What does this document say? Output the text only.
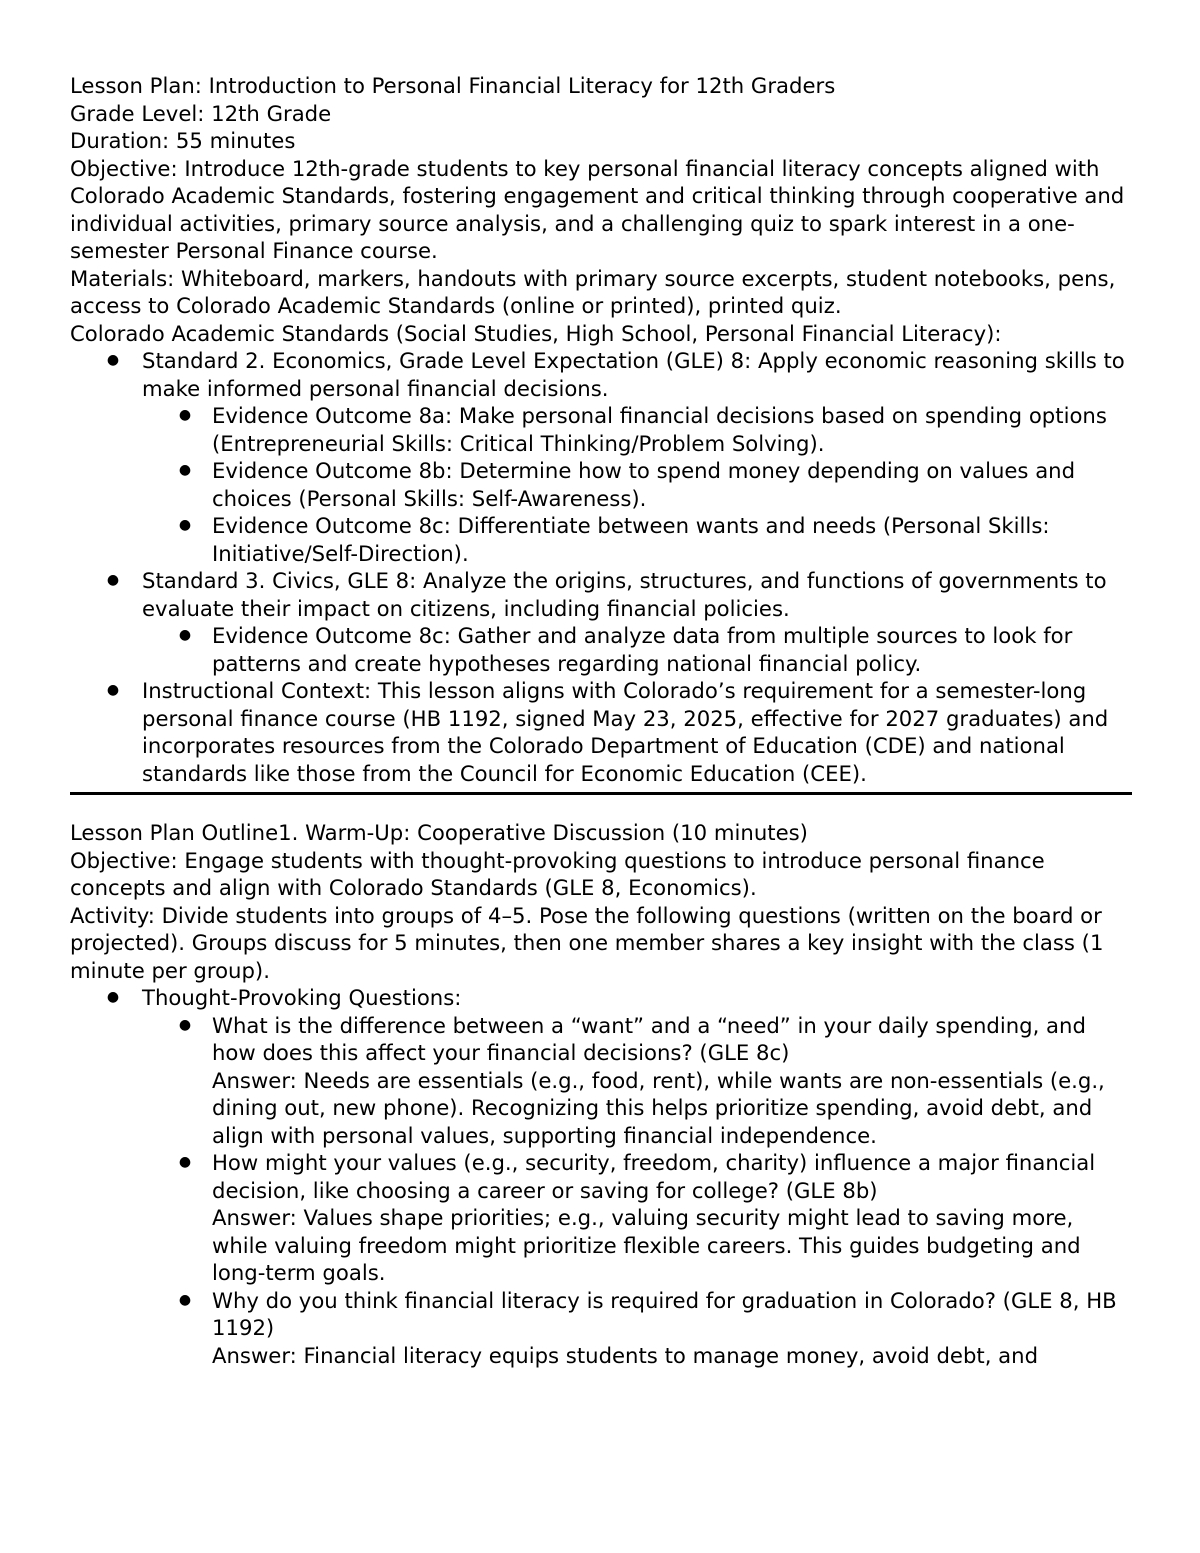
Lesson Plan: Introduction to Personal Financial Literacy for 12th Graders

Grade Level: 12th Grade

Duration: 55 minutes

Objective: Introduce 12th-grade students to key personal financial literacy concepts aligned with Colorado Academic Standards, fostering engagement and critical thinking through cooperative and individual activities, primary source analysis, and a challenging quiz to spark interest in a one-semester Personal Finance course.

Materials: Whiteboard, markers, handouts with primary source excerpts, student notebooks, pens, access to Colorado Academic Standards (online or printed), printed quiz.

Colorado Academic Standards (Social Studies, High School, Personal Financial Literacy):

● Standard 2. Economics, Grade Level Expectation (GLE) 8: Apply economic reasoning skills to make informed personal financial decisions.
● Evidence Outcome 8a: Make personal financial decisions based on spending options (Entrepreneurial Skills: Critical Thinking/Problem Solving).
● Evidence Outcome 8b: Determine how to spend money depending on values and choices (Personal Skills: Self-Awareness).
● Evidence Outcome 8c: Differentiate between wants and needs (Personal Skills: Initiative/Self-Direction).
● Standard 3. Civics, GLE 8: Analyze the origins, structures, and functions of governments to evaluate their impact on citizens, including financial policies.
● Evidence Outcome 8c: Gather and analyze data from multiple sources to look for patterns and create hypotheses regarding national financial policy.
● Instructional Context: This lesson aligns with Colorado’s requirement for a semester-long personal finance course (HB 1192, signed May 23, 2025, effective for 2027 graduates) and incorporates resources from the Colorado Department of Education (CDE) and national standards like those from the Council for Economic Education (CEE).

Lesson Plan Outline1. Warm-Up: Cooperative Discussion (10 minutes)

Objective: Engage students with thought-provoking questions to introduce personal finance concepts and align with Colorado Standards (GLE 8, Economics).

Activity: Divide students into groups of 4–5. Pose the following questions (written on the board or projected). Groups discuss for 5 minutes, then one member shares a key insight with the class (1 minute per group).

● Thought-Provoking Questions:
● What is the difference between a “want” and a “need” in your daily spending, and how does this affect your financial decisions? (GLE 8c)
Answer: Needs are essentials (e.g., food, rent), while wants are non-essentials (e.g., dining out, new phone). Recognizing this helps prioritize spending, avoid debt, and align with personal values, supporting financial independence.
● How might your values (e.g., security, freedom, charity) influence a major financial decision, like choosing a career or saving for college? (GLE 8b)
Answer: Values shape priorities; e.g., valuing security might lead to saving more, while valuing freedom might prioritize flexible careers. This guides budgeting and long-term goals.
● Why do you think financial literacy is required for graduation in Colorado? (GLE 8, HB 1192)
Answer: Financial literacy equips students to manage money, avoid debt, and
